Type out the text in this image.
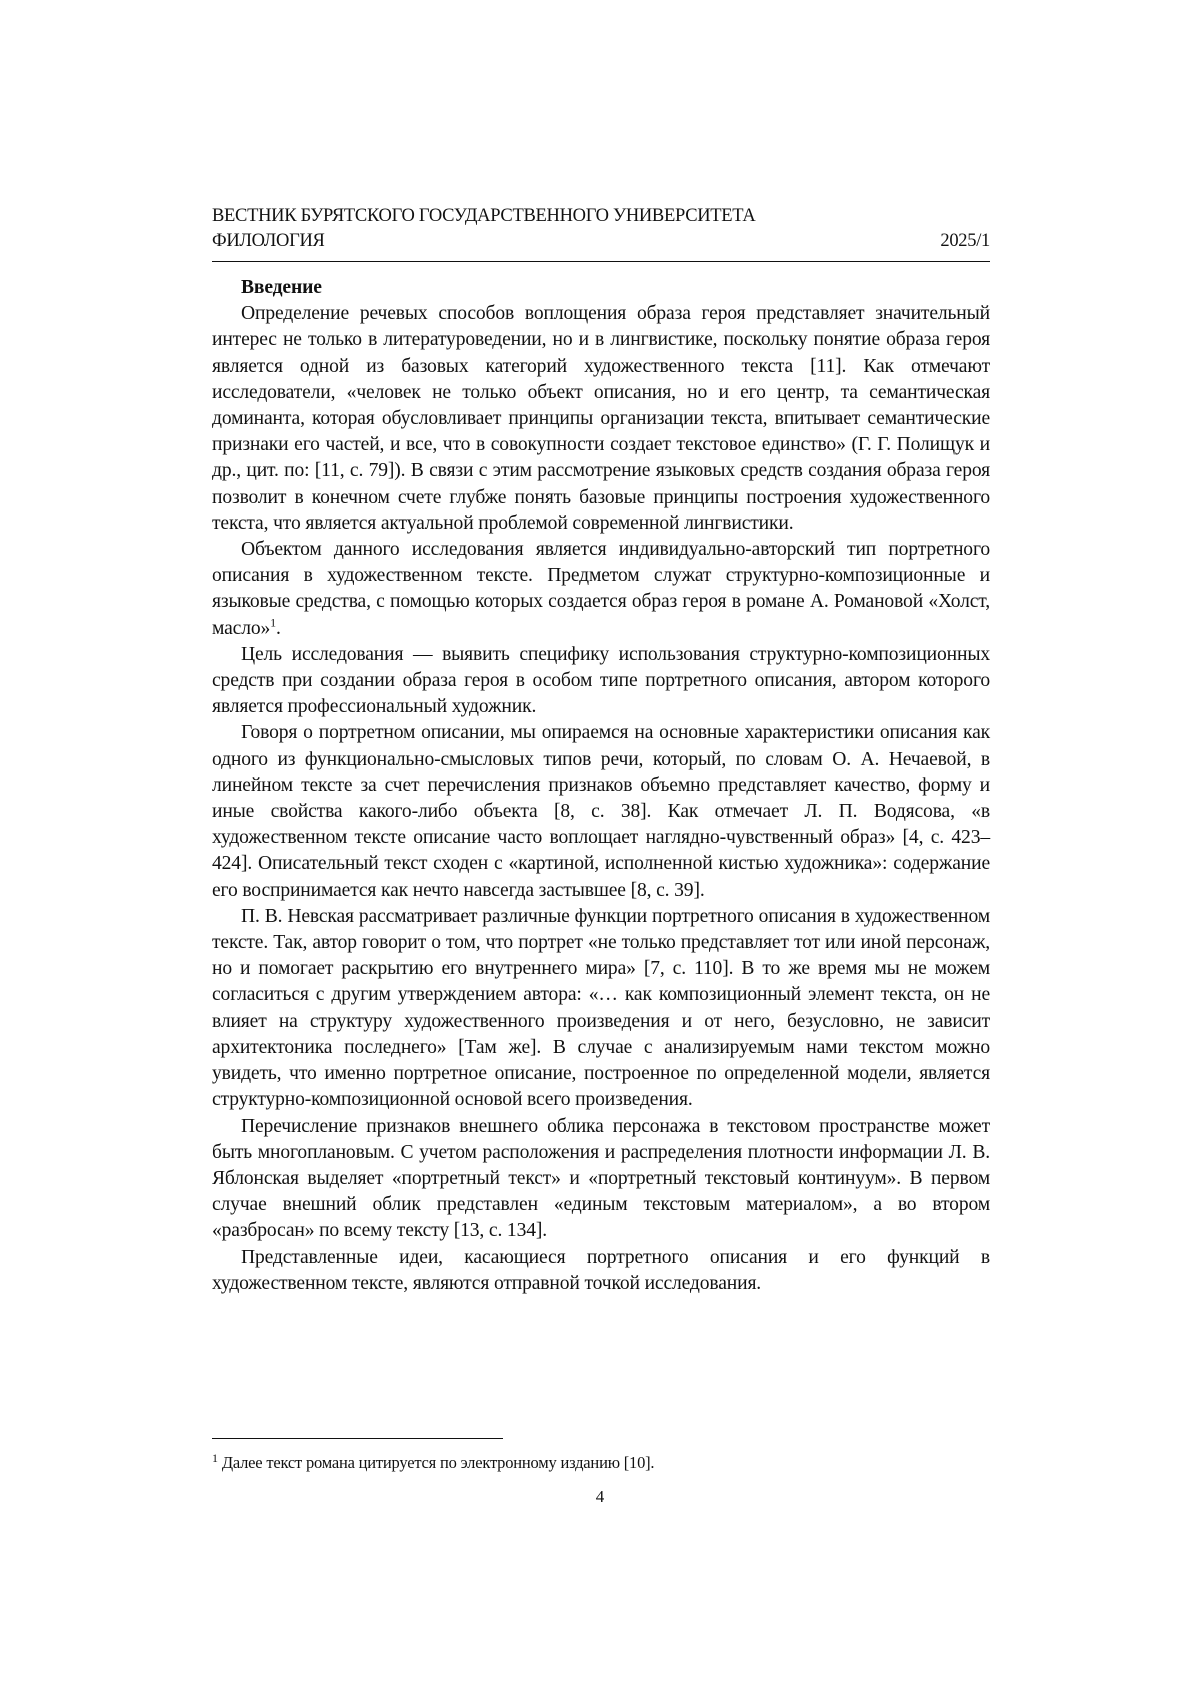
ВЕСТНИК БУРЯТСКОГО ГОСУДАРСТВЕННОГО УНИВЕРСИТЕТА
ФИЛОЛОГИЯ	2025/1
Введение

Определение речевых способов воплощения образа героя представляет значительный интерес не только в литературоведении, но и в лингвистике, поскольку понятие образа героя является одной из базовых категорий художественного текста [11]. Как отмечают исследователи, «человек не только объект описания, но и его центр, та семантическая доминанта, которая обусловливает принципы организации текста, впитывает семантические признаки его частей, и все, что в совокупности создает текстовое единство» (Г. Г. Полищук и др., цит. по: [11, с. 79]). В связи с этим рассмотрение языковых средств создания образа героя позволит в конечном счете глубже понять базовые принципы построения художественного текста, что является актуальной проблемой современной лингвистики.

Объектом данного исследования является индивидуально-авторский тип портретного описания в художественном тексте. Предметом служат структурно-композиционные и языковые средства, с помощью которых создается образ героя в романе А. Романовой «Холст, масло»1.

Цель исследования — выявить специфику использования структурно-композиционных средств при создании образа героя в особом типе портретного описания, автором которого является профессиональный художник.

Говоря о портретном описании, мы опираемся на основные характеристики описания как одного из функционально-смысловых типов речи, который, по словам О. А. Нечаевой, в линейном тексте за счет перечисления признаков объемно представляет качество, форму и иные свойства какого-либо объекта [8, с. 38]. Как отмечает Л. П. Водясова, «в художественном тексте описание часто воплощает наглядно-чувственный образ» [4, с. 423–424]. Описательный текст сходен с «картиной, исполненной кистью художника»: содержание его воспринимается как нечто навсегда застывшее [8, с. 39].

П. В. Невская рассматривает различные функции портретного описания в художественном тексте. Так, автор говорит о том, что портрет «не только представляет тот или иной персонаж, но и помогает раскрытию его внутреннего мира» [7, с. 110]. В то же время мы не можем согласиться с другим утверждением автора: «… как композиционный элемент текста, он не влияет на структуру художественного произведения и от него, безусловно, не зависит архитектоника последнего» [Там же]. В случае с анализируемым нами текстом можно увидеть, что именно портретное описание, построенное по определенной модели, является структурно-композиционной основой всего произведения.

Перечисление признаков внешнего облика персонажа в текстовом пространстве может быть многоплановым. С учетом расположения и распределения плотности информации Л. В. Яблонская выделяет «портретный текст» и «портретный текстовый континуум». В первом случае внешний облик представлен «единым текстовым материалом», а во втором «разбросан» по всему тексту [13, с. 134].

Представленные идеи, касающиеся портретного описания и его функций в художественном тексте, являются отправной точкой исследования.

1 Далее текст романа цитируется по электронному изданию [10].
4
